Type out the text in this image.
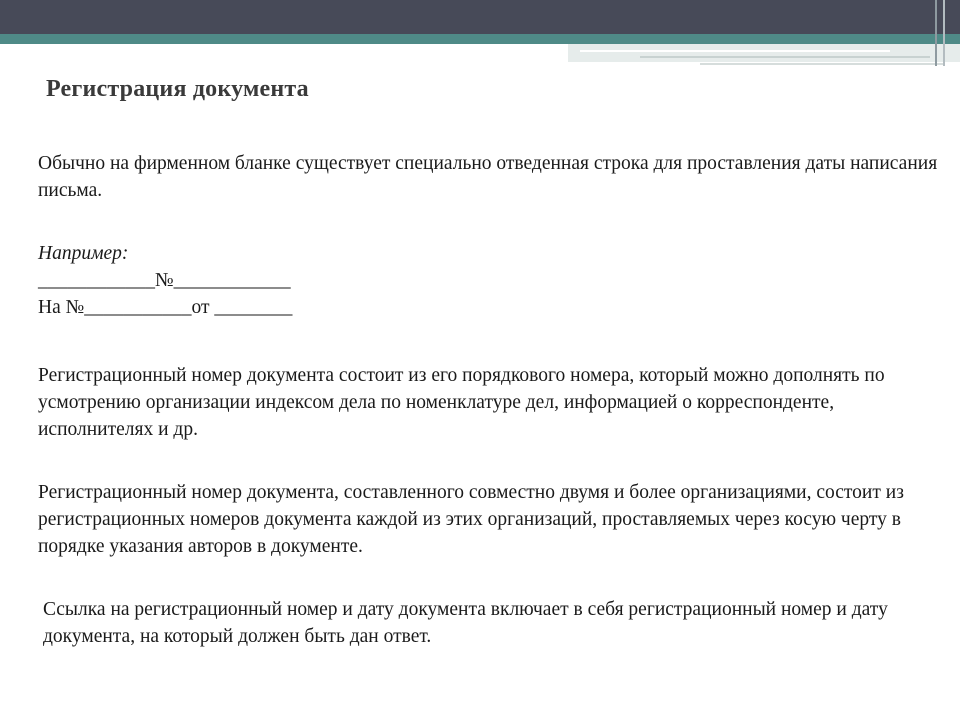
Регистрация документа

Обычно на фирменном бланке существует специально отведенная строка для проставления даты написания письма.

Например:

____________№____________

На №___________от ________

Регистрационный номер документа состоит из его порядкового номера, который можно дополнять по усмотрению организации индексом дела по номенклатуре дел, информацией о корреспонденте, исполнителях и др.

Регистрационный номер документа, составленного совместно двумя и более организациями, состоит из регистрационных номеров документа каждой из этих организаций, проставляемых через косую черту в порядке указания авторов в документе.

Ссылка на регистрационный номер и дату документа включает в себя регистрационный номер и дату документа, на который должен быть дан ответ.
